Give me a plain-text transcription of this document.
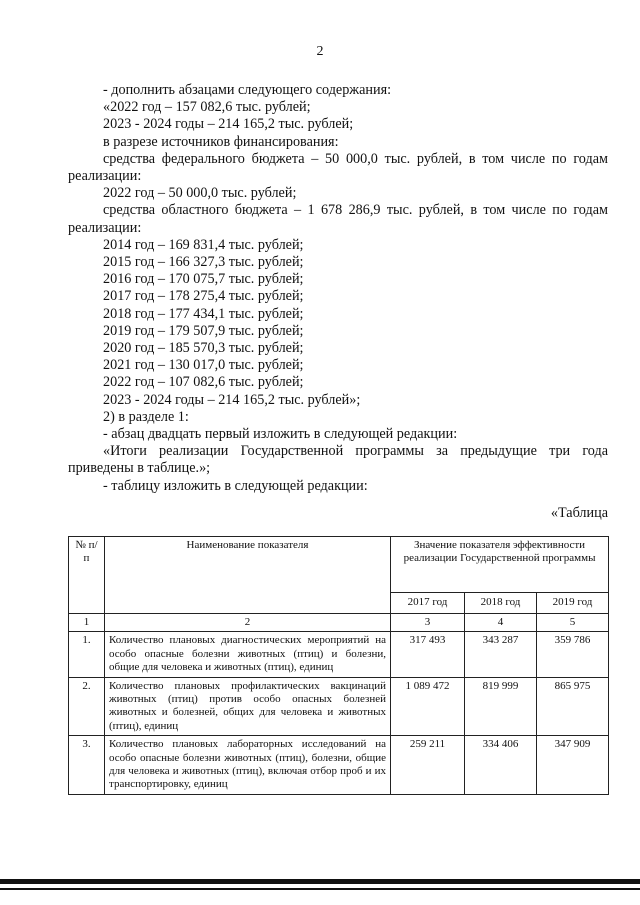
2

- дополнить абзацами следующего содержания:

«2022 год – 157 082,6 тыс. рублей;

2023 - 2024 годы – 214 165,2 тыс. рублей;

в разрезе источников финансирования:

средства федерального бюджета – 50 000,0 тыс. рублей, в том числе по годам

реализации:

2022 год – 50 000,0 тыс. рублей;

средства областного бюджета – 1 678 286,9 тыс. рублей, в том числе по годам

реализации:

2014 год – 169 831,4 тыс. рублей;

2015 год – 166 327,3 тыс. рублей;

2016 год – 170 075,7 тыс. рублей;

2017 год – 178 275,4 тыс. рублей;

2018 год – 177 434,1 тыс. рублей;

2019 год – 179 507,9 тыс. рублей;

2020 год – 185 570,3 тыс. рублей;

2021 год – 130 017,0 тыс. рублей;

2022 год – 107 082,6 тыс. рублей;

2023 - 2024 годы – 214 165,2 тыс. рублей»;

2) в разделе 1:

- абзац двадцать первый изложить в следующей редакции:

«Итоги реализации Государственной программы за предыдущие три года

приведены в таблице.»;

- таблицу изложить в следующей редакции:

«Таблица
№ п/п	Наименование показателя	Значение показателя эффективности реализации Государственной программы		
		2017 год	2018 год	2019 год
1	2	3	4	5
1.	Количество плановых диагностических мероприятий на особо опасные болезни животных (птиц) и болезни, общие для человека и животных (птиц), единиц	317 493	343 287	359 786
2.	Количество плановых профилактических вакцинаций животных (птиц) против особо опасных болезней животных и болезней, общих для человека и животных (птиц), единиц	1 089 472	819 999	865 975
3.	Количество плановых лабораторных исследований на особо опасные болезни животных (птиц), болезни, общие для человека и животных (птиц), включая отбор проб и их транспортировку, единиц	259 211	334 406	347 909
